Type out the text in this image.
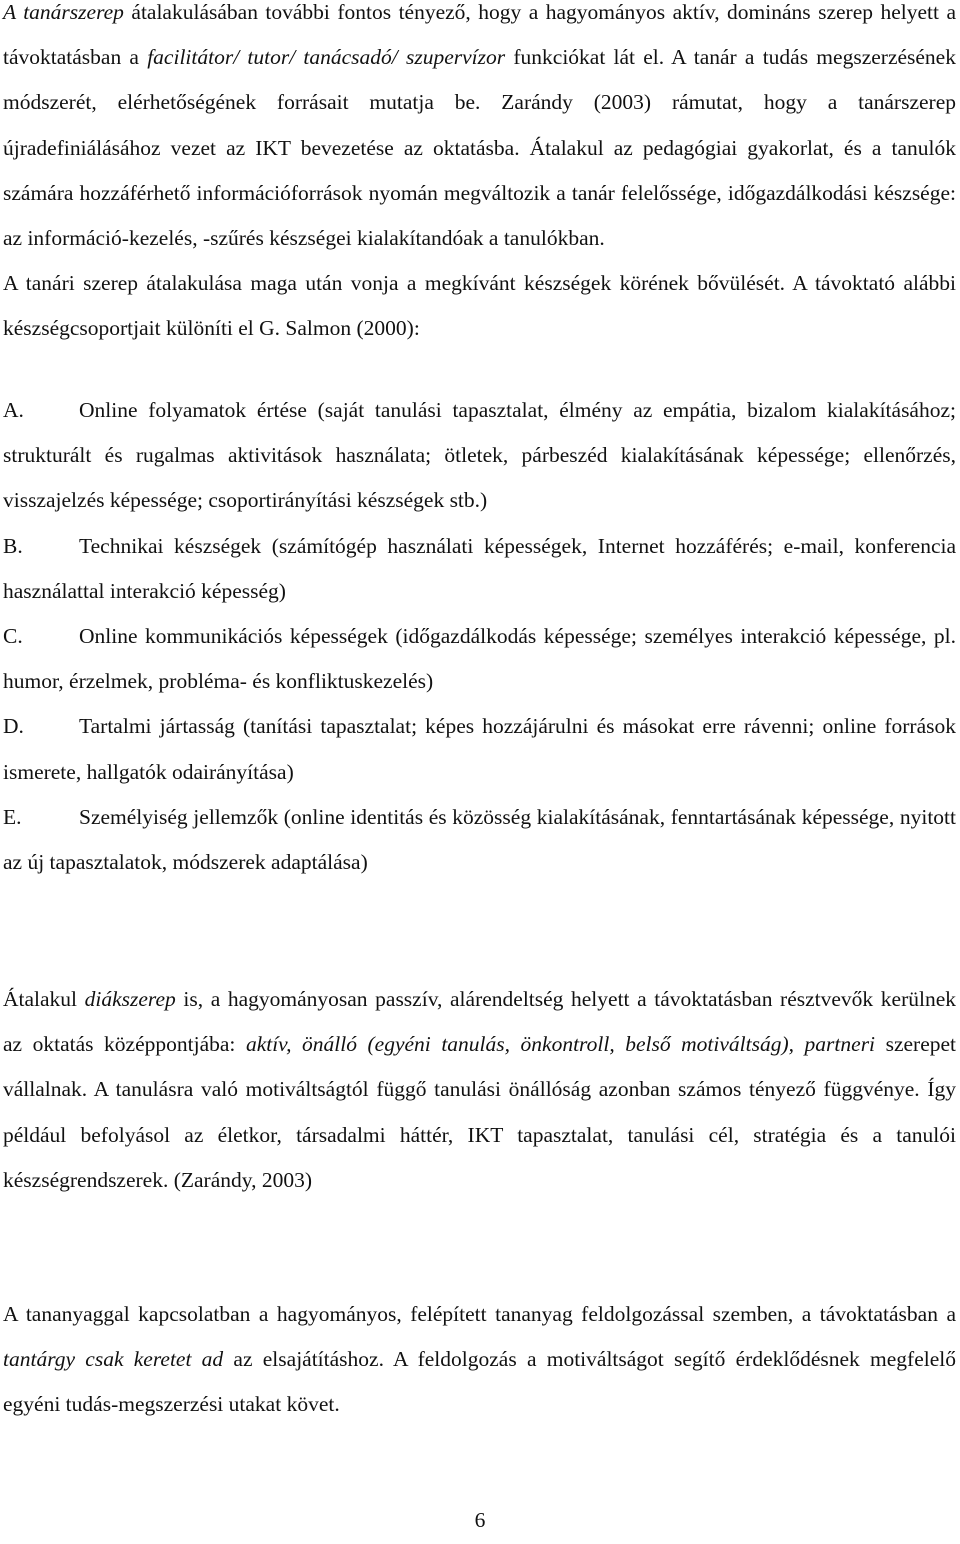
A tanárszerep átalakulásában további fontos tényező, hogy a hagyományos aktív, domináns szerep helyett a távoktatásban a facilitátor/ tutor/ tanácsadó/ szupervízor funkciókat lát el. A tanár a tudás megszerzésének módszerét, elérhetőségének forrásait mutatja be. Zarándy (2003) rámutat, hogy a tanárszerep újradefiniálásához vezet az IKT bevezetése az oktatásba. Átalakul az pedagógiai gyakorlat, és a tanulók számára hozzáférhető információforrások nyomán megváltozik a tanár felelőssége, időgazdálkodási készsége: az információ-kezelés, -szűrés készségei kialakítandóak a tanulókban.

A tanári szerep átalakulása maga után vonja a megkívánt készségek körének bővülését. A távoktató alábbi készségcsoportjait különíti el G. Salmon (2000):

A.	Online folyamatok értése (saját tanulási tapasztalat, élmény az empátia, bizalom kialakításához; strukturált és rugalmas aktivitások használata; ötletek, párbeszéd kialakításának képessége; ellenőrzés, visszajelzés képessége; csoportirányítási készségek stb.)

B.	Technikai készségek (számítógép használati képességek, Internet hozzáférés; e-mail, konferencia használattal interakció képesség)

C.	Online kommunikációs képességek (időgazdálkodás képessége; személyes interakció képessége, pl. humor, érzelmek, probléma- és konfliktuskezelés)

D.	Tartalmi jártasság (tanítási tapasztalat; képes hozzájárulni és másokat erre rávenni; online források ismerete, hallgatók odairányítása)

E.	Személyiség jellemzők (online identitás és közösség kialakításának, fenntartásának képessége, nyitott az új tapasztalatok, módszerek adaptálása)

Átalakul diákszerep is, a hagyományosan passzív, alárendeltség helyett a távoktatásban résztvevők kerülnek az oktatás középpontjába: aktív, önálló (egyéni tanulás, önkontroll, belső motiváltság), partneri szerepet vállalnak. A tanulásra való motiváltságtól függő tanulási önállóság azonban számos tényező függvénye. Így például befolyásol az életkor, társadalmi háttér, IKT tapasztalat, tanulási cél, stratégia és a tanulói készségrendszerek. (Zarándy, 2003)

A tananyaggal kapcsolatban a hagyományos, felépített tananyag feldolgozással szemben, a távoktatásban a tantárgy csak keretet ad az elsajátításhoz. A feldolgozás a motiváltságot segítő érdeklődésnek megfelelő egyéni tudás-megszerzési utakat követ.

6
